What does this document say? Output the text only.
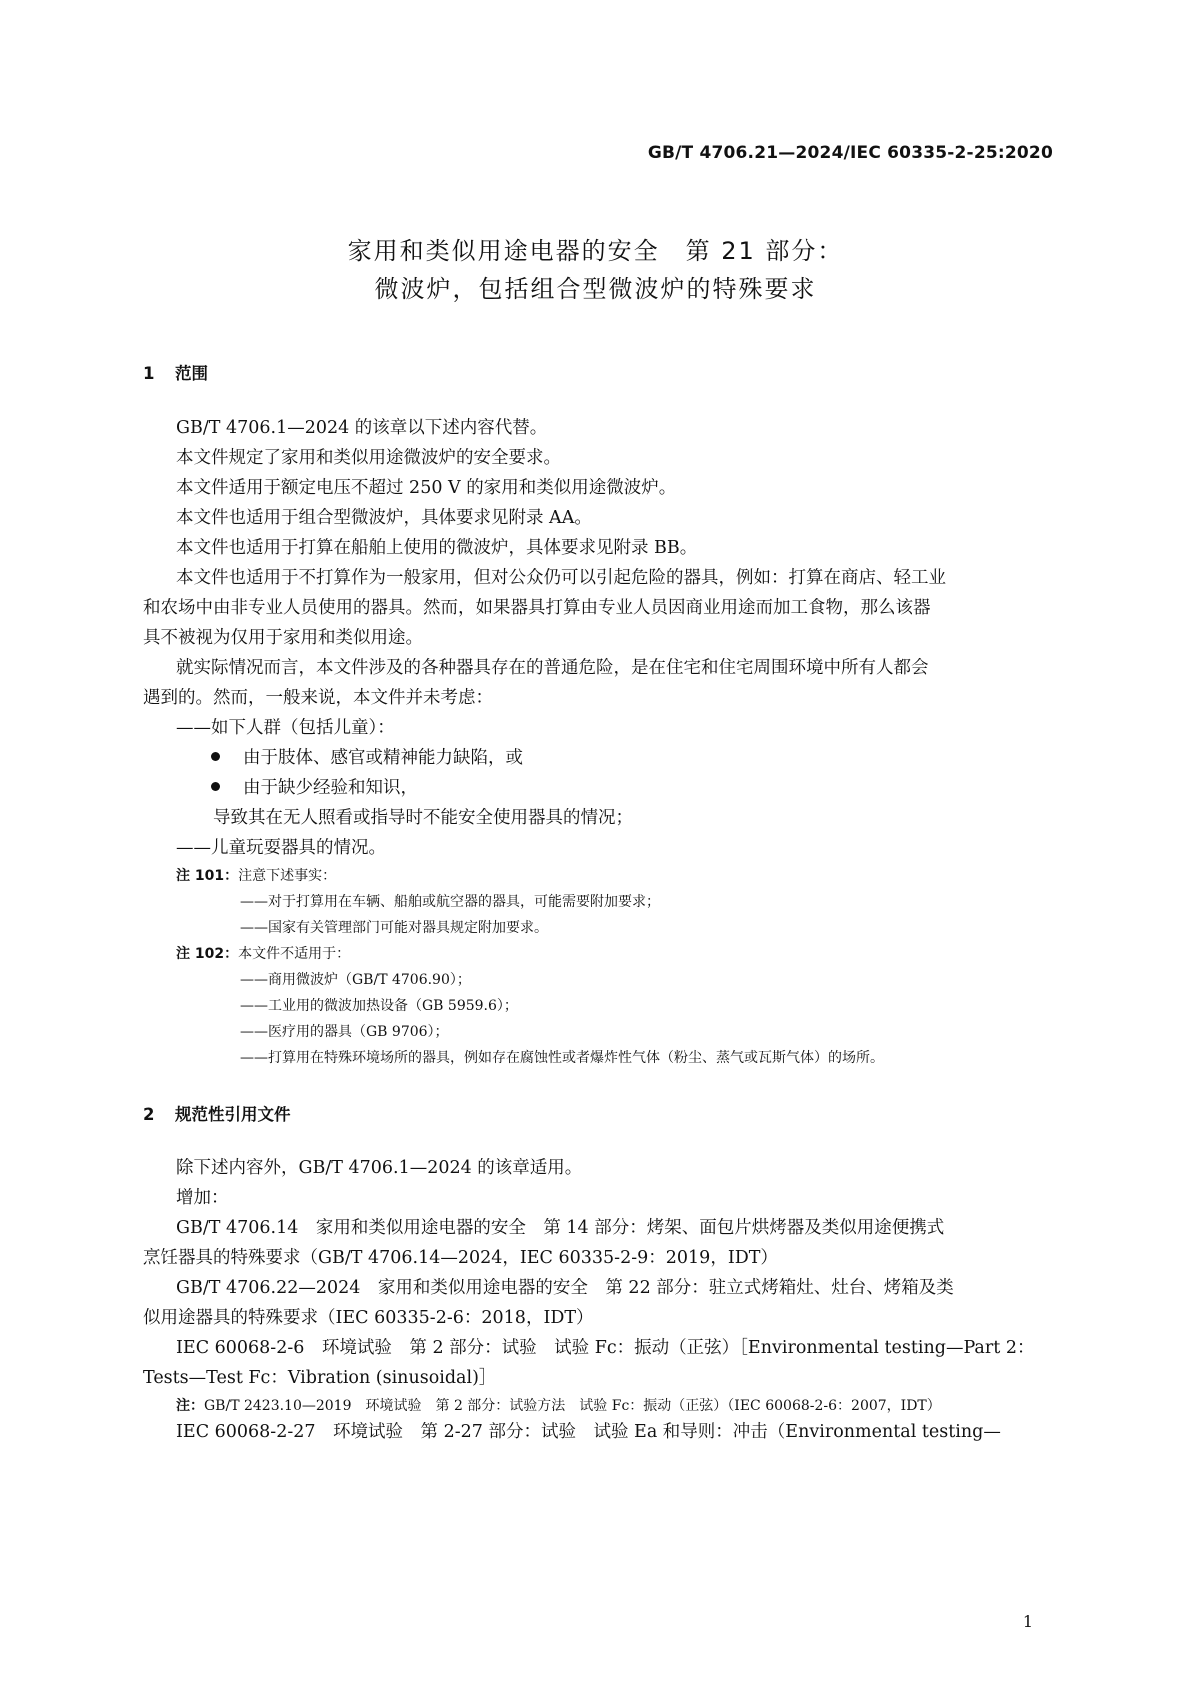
GB/T 4706.21—2024/IEC 60335-2-25:2020
家用和类似用途电器的安全　第 21 部分：
微波炉，包括组合型微波炉的特殊要求
1 范围
GB/T 4706.1—2024 的该章以下述内容代替。
本文件规定了家用和类似用途微波炉的安全要求。
本文件适用于额定电压不超过 250 V 的家用和类似用途微波炉。
本文件也适用于组合型微波炉，具体要求见附录 AA。
本文件也适用于打算在船舶上使用的微波炉，具体要求见附录 BB。
本文件也适用于不打算作为一般家用，但对公众仍可以引起危险的器具，例如：打算在商店、轻工业
和农场中由非专业人员使用的器具。然而，如果器具打算由专业人员因商业用途而加工食物，那么该器
具不被视为仅用于家用和类似用途。
就实际情况而言，本文件涉及的各种器具存在的普通危险，是在住宅和住宅周围环境中所有人都会
遇到的。然而，一般来说，本文件并未考虑：
——如下人群（包括儿童）：
由于肢体、感官或精神能力缺陷，或
由于缺少经验和知识，
导致其在无人照看或指导时不能安全使用器具的情况；
——儿童玩耍器具的情况。
注 101：注意下述事实：
——对于打算用在车辆、船舶或航空器的器具，可能需要附加要求；
——国家有关管理部门可能对器具规定附加要求。
注 102：本文件不适用于：
——商用微波炉（GB/T 4706.90）；
——工业用的微波加热设备（GB 5959.6）；
——医疗用的器具（GB 9706）；
——打算用在特殊环境场所的器具，例如存在腐蚀性或者爆炸性气体（粉尘、蒸气或瓦斯气体）的场所。
2 规范性引用文件
除下述内容外，GB/T 4706.1—2024 的该章适用。
增加：
GB/T 4706.14　家用和类似用途电器的安全　第 14 部分：烤架、面包片烘烤器及类似用途便携式
烹饪器具的特殊要求（GB/T 4706.14—2024，IEC 60335-2-9：2019，IDT）
GB/T 4706.22—2024　家用和类似用途电器的安全　第 22 部分：驻立式烤箱灶、灶台、烤箱及类
似用途器具的特殊要求（IEC 60335-2-6：2018，IDT）
IEC 60068-2-6　环境试验　第 2 部分：试验　试验 Fc：振动（正弦）［Environmental testing—Part 2：
Tests—Test Fc：Vibration (sinusoidal)］
注：GB/T 2423.10—2019　环境试验　第 2 部分：试验方法　试验 Fc：振动（正弦）（IEC 60068-2-6：2007，IDT）
IEC 60068-2-27　环境试验　第 2-27 部分：试验　试验 Ea 和导则：冲击（Environmental testing—
1
